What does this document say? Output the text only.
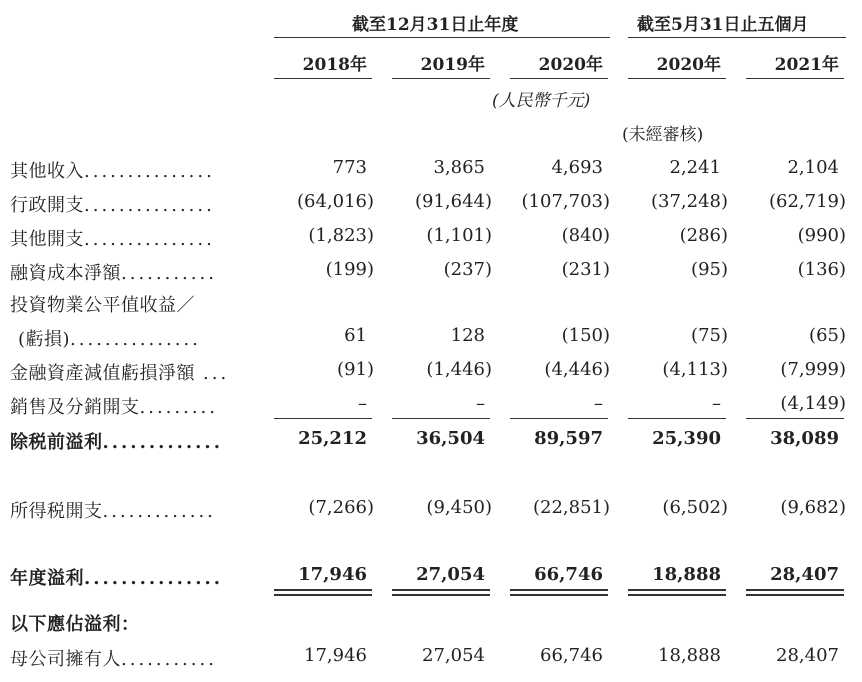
截至12月31日止年度	截至5月31日止五個月
2018年	2019年	2020年	2020年	2021年
(人民幣千元)
(未經審核)
其他收入...............	773	3,865	4,693	2,241	2,104
行政開支...............	(64,016)	(91,644)	(107,703)	(37,248)	(62,719)
其他開支...............	(1,823)	(1,101)	(840)	(286)	(990)
融資成本淨額...........	(199)	(237)	(231)	(95)	(136)
投資物業公平值收益／
(虧損)...............	61	128	(150)	(75)	(65)
金融資產減值虧損淨額 ...	(91)	(1,446)	(4,446)	(4,113)	(7,999)
銷售及分銷開支.........	–	–	–	–	(4,149)
除税前溢利.............	25,212	36,504	89,597	25,390	38,089
所得税開支.............	(7,266)	(9,450)	(22,851)	(6,502)	(9,682)
年度溢利...............	17,946	27,054	66,746	18,888	28,407
以下應佔溢利：
母公司擁有人...........	17,946	27,054	66,746	18,888	28,407
